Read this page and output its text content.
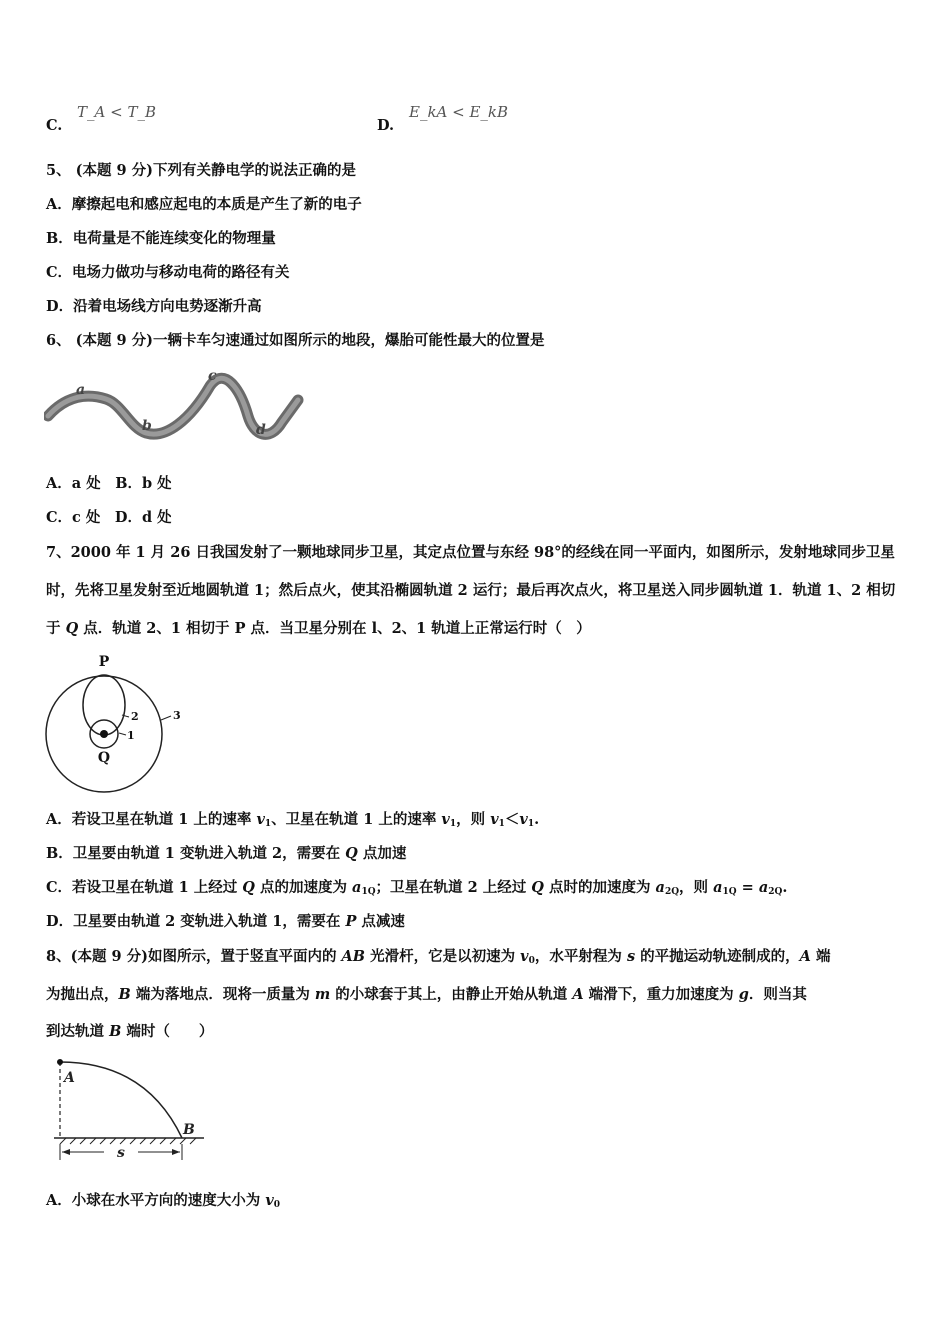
C.
T_A < T_B
D.
E_kA < E_kB
5、 (本题 9 分)下列有关静电学的说法正确的是
A．摩擦起电和感应起电的本质是产生了新的电子
B．电荷量是不能连续变化的物理量
C．电场力做功与移动电荷的路径有关
D．沿着电场线方向电势逐渐升高
6、 (本题 9 分)一辆卡车匀速通过如图所示的地段，爆胎可能性最大的位置是
a
b
c
d
A．a 处　B．b 处
C．c 处　D．d 处
7、2000 年 1 月 26 日我国发射了一颗地球同步卫星，其定点位置与东经 98°的经线在同一平面内，如图所示，发射地球同步卫星时，先将卫星发射至近地圆轨道 1；然后点火，使其沿椭圆轨道 2 运行；最后再次点火，将卫星送入同步圆轨道 1．轨道 1、2 相切于 Q 点．轨道 2、1 相切于 P 点．当卫星分别在 l、2、1 轨道上正常运行时（　）
P
Q
2
1
3
A．若设卫星在轨道 1 上的速率 $v_1$、卫星在轨道 1 上的速率 $v_1$，则 $v_1<v_1$.
B．卫星要由轨道 1 变轨进入轨道 2，需要在 Q 点加速
C．若设卫星在轨道 1 上经过 Q 点的加速度为 $a_{1Q}$；卫星在轨道 2 上经过 Q 点时的加速度为 $a_{2Q}$，则 $a_{1Q} = a_{2Q}$.
D．卫星要由轨道 2 变轨进入轨道 1，需要在 P 点减速
8、(本题 9 分)如图所示，置于竖直平面内的 AB 光滑杆，它是以初速为 $v_0$，水平射程为 s 的平抛运动轨迹制成的，A 端
为抛出点，B 端为落地点．现将一质量为 m 的小球套于其上，由静止开始从轨道 A 端滑下，重力加速度为 g．则当其
到达轨道 B 端时（　　）
A
B
s
A．小球在水平方向的速度大小为 $v_0$
